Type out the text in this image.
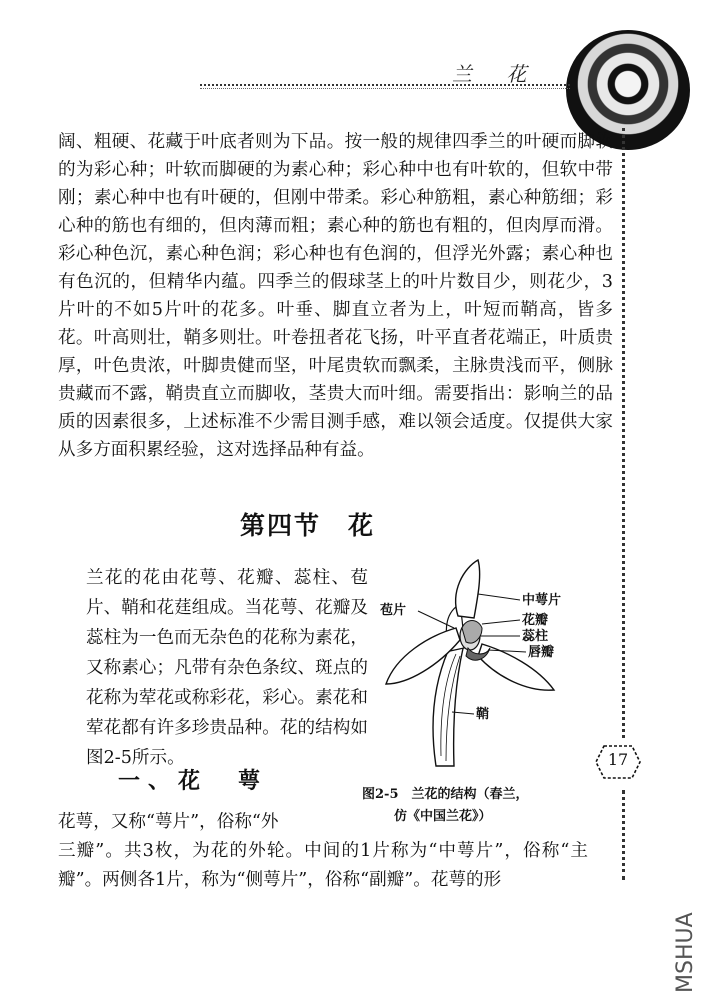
兰 花
阔、粗硬、花藏于叶底者则为下品。按一般的规律四季兰的叶硬而脚软的为彩心种；叶软而脚硬的为素心种；彩心种中也有叶软的，但软中带刚；素心种中也有叶硬的，但刚中带柔。彩心种筋粗，素心种筋细；彩心种的筋也有细的，但肉薄而粗；素心种的筋也有粗的，但肉厚而滑。彩心种色沉，素心种色润；彩心种也有色润的，但浮光外露；素心种也有色沉的，但精华内蕴。四季兰的假球茎上的叶片数目少，则花少，3片叶的不如5片叶的花多。叶垂、脚直立者为上，叶短而鞘高，皆多花。叶高则壮，鞘多则壮。叶卷扭者花飞扬，叶平直者花端正，叶质贵厚，叶色贵浓，叶脚贵健而坚，叶尾贵软而飘柔，主脉贵浅而平，侧脉贵藏而不露，鞘贵直立而脚收，茎贵大而叶细。需要指出：影响兰的品质的因素很多，上述标准不少需目测手感，难以领会适度。仅提供大家从多方面积累经验，这对选择品种有益。
第四节　花
兰花的花由花萼、花瓣、蕊柱、苞片、鞘和花莛组成。当花萼、花瓣及蕊柱为一色而无杂色的花称为素花，又称素心；凡带有杂色条纹、斑点的花称为荤花或称彩花，彩心。素花和荤花都有许多珍贵品种。花的结构如图2-5所示。
苞片
中萼片
花瓣
蕊柱
唇瓣
鞘
图2-5　兰花的结构（春兰，
仿《中国兰花》）
17
一、花　萼
花萼，又称“萼片”，俗称“外
三瓣”。共3枚，为花的外轮。中间的1片称为“中萼片”，俗称“主瓣”。两侧各1片，称为“侧萼片”，俗称“副瓣”。花萼的形
MSHUA
